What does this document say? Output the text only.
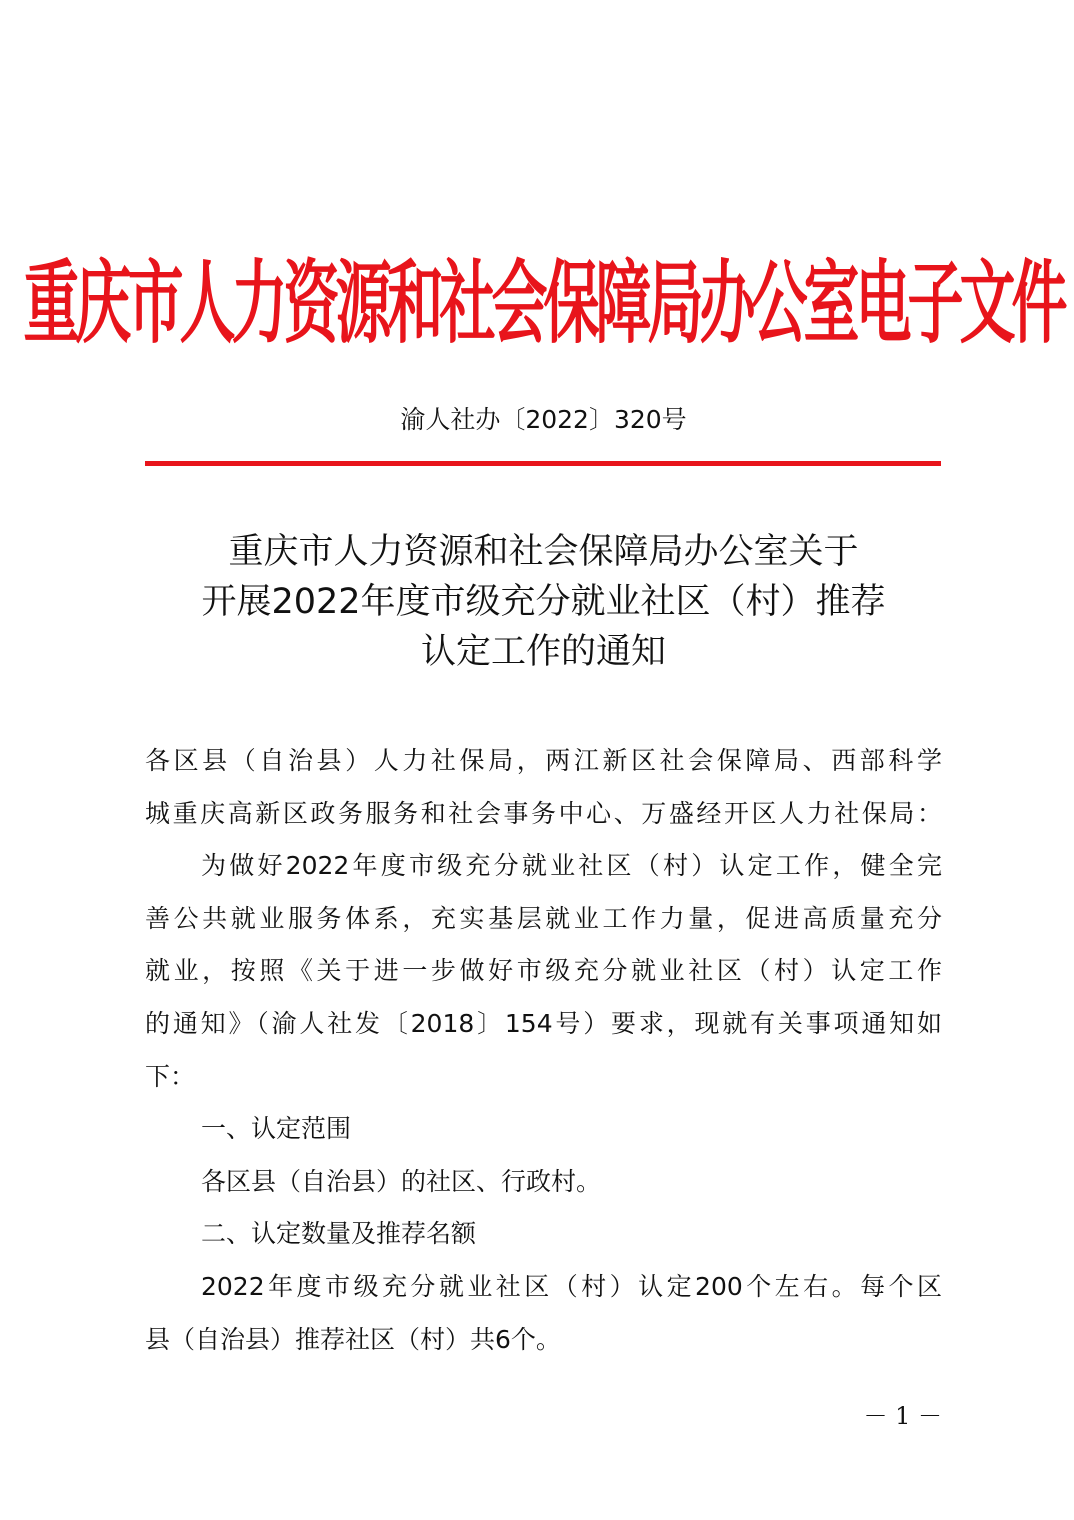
重庆市人力资源和社会保障局办公室电子文件
渝人社办〔2022〕320号
重庆市人力资源和社会保障局办公室关于
开展2022年度市级充分就业社区（村）推荐
认定工作的通知
各区县（自治县）人力社保局，两江新区社会保障局、西部科学
城重庆高新区政务服务和社会事务中心、万盛经开区人力社保局：
为做好2022年度市级充分就业社区（村）认定工作，健全完
善公共就业服务体系，充实基层就业工作力量，促进高质量充分
就业，按照《关于进一步做好市级充分就业社区（村）认定工作
的通知》（渝人社发〔2018〕154号）要求，现就有关事项通知如
下：
一、认定范围
各区县（自治县）的社区、行政村。
二、认定数量及推荐名额
2022年度市级充分就业社区（村）认定200个左右。每个区
县（自治县）推荐社区（村）共6个。
－ 1 －
